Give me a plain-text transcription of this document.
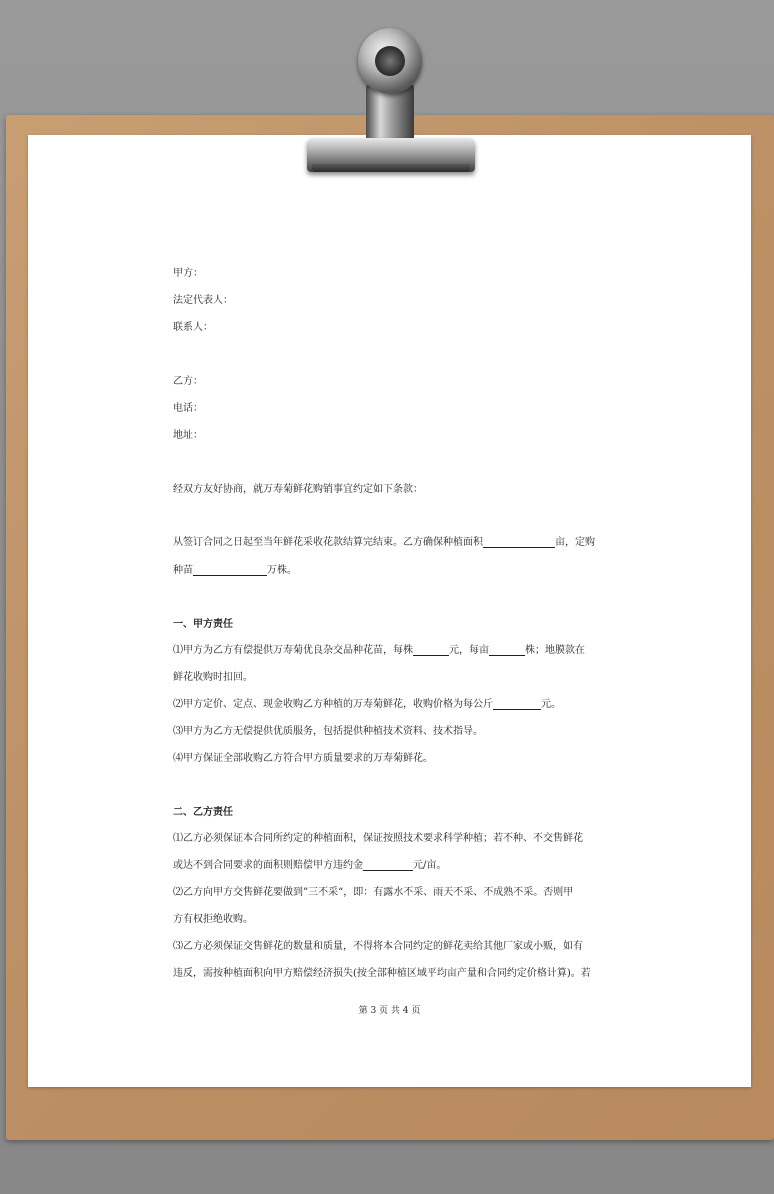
甲方：
法定代表人：
联系人：
乙方：
电话：
地址：
经双方友好协商，就万寿菊鲜花购销事宜约定如下条款：
从签订合同之日起至当年鲜花采收花款结算完结束。乙方确保种植面积	亩，定购
种苗	万株。
一、甲方责任
⑴甲方为乙方有偿提供万寿菊优良杂交品种花苗，每株	元，每亩	株；地膜款在
鲜花收购时扣回。
⑵甲方定价、定点、现金收购乙方种植的万寿菊鲜花，收购价格为每公斤	元。
⑶甲方为乙方无偿提供优质服务，包括提供种植技术资料、技术指导。
⑷甲方保证全部收购乙方符合甲方质量要求的万寿菊鲜花。
二、乙方责任
⑴乙方必须保证本合同所约定的种植面积，保证按照技术要求科学种植；若不种、不交售鲜花
或达不到合同要求的面积则赔偿甲方违约金	元/亩。
⑵乙方向甲方交售鲜花要做到”三不采“，即：有露水不采、雨天不采、不成熟不采。否则甲
方有权拒绝收购。
⑶乙方必须保证交售鲜花的数量和质量，不得将本合同约定的鲜花卖给其他厂家或小贩，如有
违反，需按种植面积向甲方赔偿经济损失(按全部种植区域平均亩产量和合同约定价格计算)。若
第 3 页 共 4 页
